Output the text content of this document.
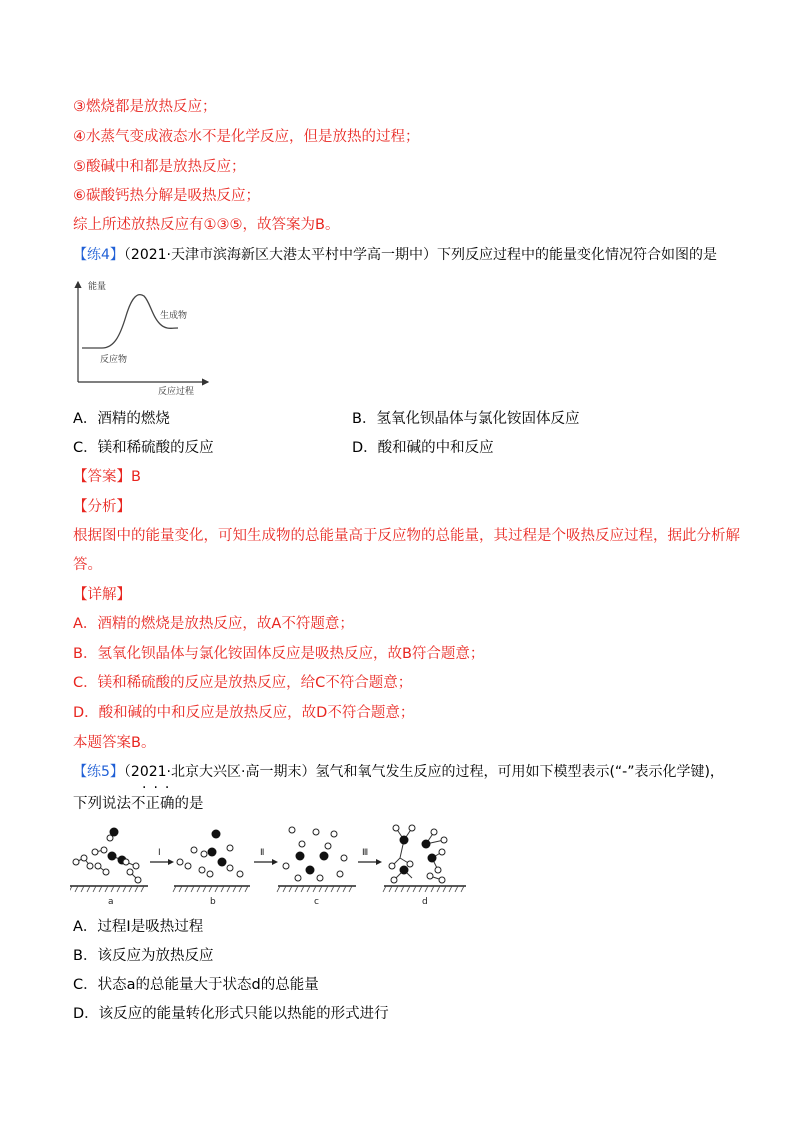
③燃烧都是放热反应；
④水蒸气变成液态水不是化学反应，但是放热的过程；
⑤酸碱中和都是放热反应；
⑥碳酸钙热分解是吸热反应；
综上所述放热反应有①③⑤，故答案为B。
【练4】（2021·天津市滨海新区大港太平村中学高一期中）下列反应过程中的能量变化情况符合如图的是
能量
生成物
反应物
反应过程
A．酒精的燃烧	B．氢氧化钡晶体与氯化铵固体反应
C．镁和稀硫酸的反应	D．酸和碱的中和反应
【答案】B
【分析】
根据图中的能量变化，可知生成物的总能量高于反应物的总能量，其过程是个吸热反应过程，据此分析解
答。
【详解】
A．酒精的燃烧是放热反应，故A不符题意；
B．氢氧化钡晶体与氯化铵固体反应是吸热反应，故B符合题意；
C．镁和稀硫酸的反应是放热反应，给C不符合题意；
D．酸和碱的中和反应是放热反应，故D不符合题意；
本题答案B。
【练5】（2021·北京大兴区·高一期末）氢气和氧气发生反应的过程，可用如下模型表示(“-”表示化学键)，
···
下列说法不正确的是
a
I
b
Ⅱ
c
Ⅲ
d
A．过程I是吸热过程
B．该反应为放热反应
C．状态a的总能量大于状态d的总能量
D．该反应的能量转化形式只能以热能的形式进行
